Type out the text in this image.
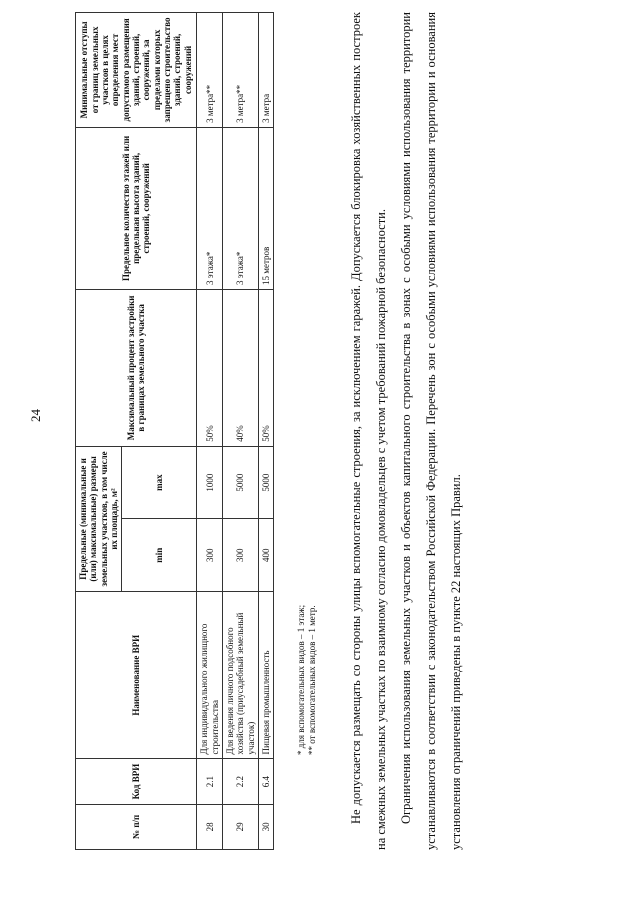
24
№ п/п	Код ВРИ	Наименование ВРИ	Предельные (минимальные и (или) максимальные) размеры земельных участков, в том числе их площадь, м²		Максимальный процент застройки в границах земельного участка	Предельное количество этажей или предельная высота зданий, строений, сооружений	Минимальные отступы от границ земельных участков в целях определения мест допустимого размещения зданий, строений, сооружений, за пределами которых запрещено строительство зданий, строений, сооружений
			min	max			
28	2.1	Для индивидуального жилищного строительства	300	1000	50%	3 этажа*	3 метра**
29	2.2	Для ведения личного подсобного хозяйства (приусадебный земельный участок)	300	5000	40%	3 этажа*	3 метра**
30	6.4	Пищевая промышленность	400	5000	50%	15 метров	3 метра
* для вспомогательных видов – 1 этаж; ** от вспомогательных видов – 1 метр.	Не допускается размещать со стороны улицы вспомогательные строения, за исключением гаражей. Допускается блокировка хозяйственных построек на смежных земельных участках по взаимному согласию домовладельцев с учетом требований пожарной безопасности. Ограничения использования земельных участков и объектов капитального строительства в зонах с особыми условиями использования территории устанавливаются в соответствии с законодательством Российской Федерации. Перечень зон с особыми условиями использования территории и основания установления ограничений приведены в пункте 22 настоящих Правил.
